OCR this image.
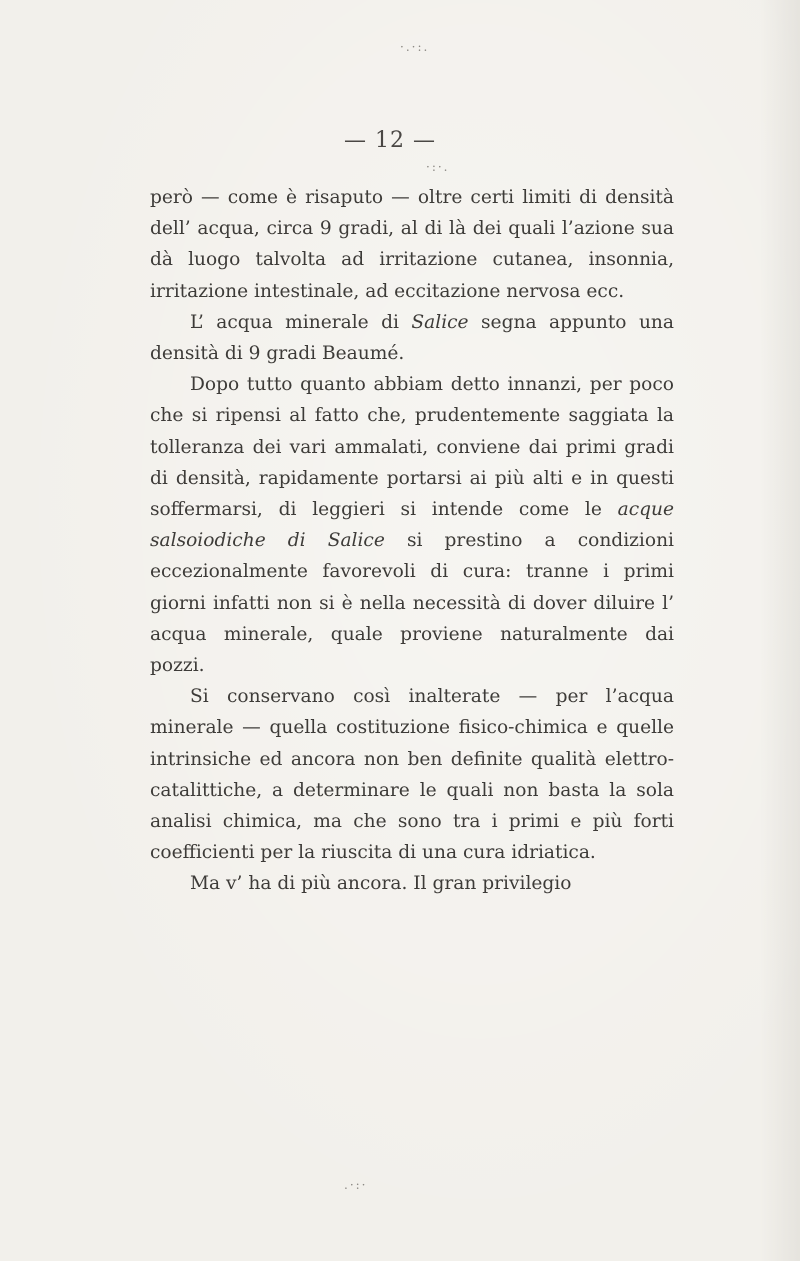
·.·:.
·:·.
.·:·
— 12 —

però — come è risaputo — oltre certi limiti di densità dell’ acqua, circa 9 gradi, al di là dei quali l’azione sua dà luogo talvolta ad irritazione cutanea, insonnia, irritazione intestinale, ad eccitazione nervosa ecc.

L’ acqua minerale di Salice segna appunto una densità di 9 gradi Beaumé.

Dopo tutto quanto abbiam detto innanzi, per poco che si ripensi al fatto che, prudentemente saggiata la tolleranza dei vari ammalati, conviene dai primi gradi di densità, rapidamente portarsi ai più alti e in questi soffermarsi, di leggieri si intende come le acque salsoiodiche di Salice si prestino a condizioni eccezionalmente favorevoli di cura: tranne i primi giorni infatti non si è nella necessità di dover diluire l’ acqua minerale, quale proviene naturalmente dai pozzi.

Si conservano così inalterate — per l’acqua minerale — quella costituzione fisico-chimica e quelle intrinsiche ed ancora non ben definite qualità elettro-catalittiche, a determinare le quali non basta la sola analisi chimica, ma che sono tra i primi e più forti coefficienti per la riuscita di una cura idriatica.

Ma v’ ha di più ancora. Il gran privilegio
